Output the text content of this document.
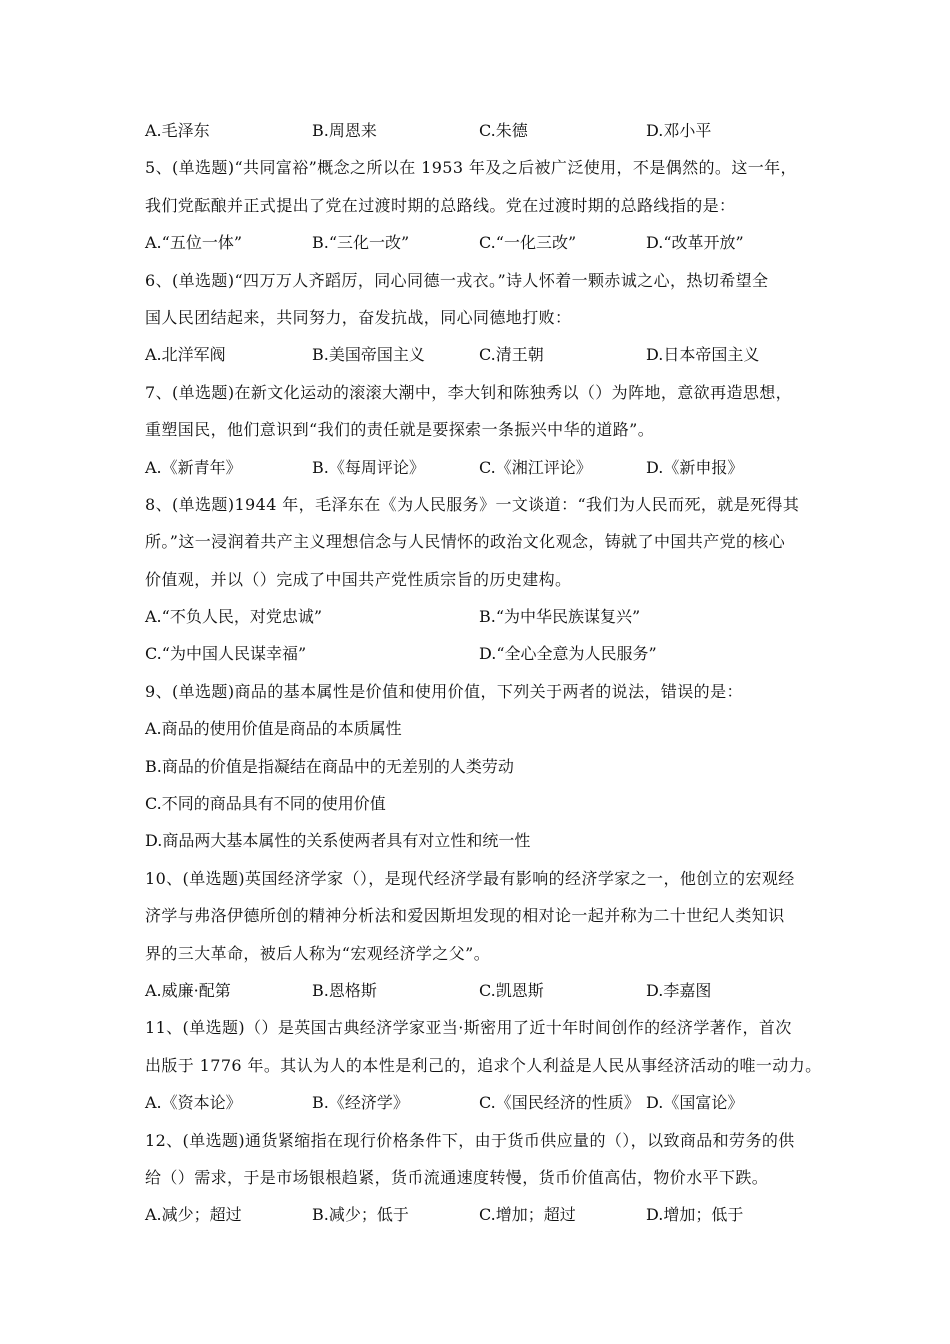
A.毛泽东	B.周恩来	C.朱德	D.邓小平
5、(单选题)“共同富裕”概念之所以在 1953 年及之后被广泛使用，不是偶然的。这一年，
我们党酝酿并正式提出了党在过渡时期的总路线。党在过渡时期的总路线指的是：
A.“五位一体”	B.“三化一改”	C.“一化三改”	D.“改革开放”
6、(单选题)“四万万人齐蹈厉，同心同德一戎衣。”诗人怀着一颗赤诚之心，热切希望全
国人民团结起来，共同努力，奋发抗战，同心同德地打败：
A.北洋军阀	B.美国帝国主义	C.清王朝	D.日本帝国主义
7、(单选题)在新文化运动的滚滚大潮中，李大钊和陈独秀以（）为阵地，意欲再造思想，
重塑国民，他们意识到“我们的责任就是要探索一条振兴中华的道路”。
A.《新青年》	B.《每周评论》	C.《湘江评论》	D.《新申报》
8、(单选题)1944 年，毛泽东在《为人民服务》一文谈道：“我们为人民而死，就是死得其
所。”这一浸润着共产主义理想信念与人民情怀的政治文化观念，铸就了中国共产党的核心
价值观，并以（）完成了中国共产党性质宗旨的历史建构。
A.“不负人民，对党忠诚”	B.“为中华民族谋复兴”
C.“为中国人民谋幸福”	D.“全心全意为人民服务”
9、(单选题)商品的基本属性是价值和使用价值，下列关于两者的说法，错误的是：
A.商品的使用价值是商品的本质属性
B.商品的价值是指凝结在商品中的无差别的人类劳动
C.不同的商品具有不同的使用价值
D.商品两大基本属性的关系使两者具有对立性和统一性
10、(单选题)英国经济学家（），是现代经济学最有影响的经济学家之一，他创立的宏观经
济学与弗洛伊德所创的精神分析法和爱因斯坦发现的相对论一起并称为二十世纪人类知识
界的三大革命，被后人称为“宏观经济学之父”。
A.威廉·配第	B.恩格斯	C.凯恩斯	D.李嘉图
11、(单选题)（）是英国古典经济学家亚当·斯密用了近十年时间创作的经济学著作，首次
出版于 1776 年。其认为人的本性是利己的，追求个人利益是人民从事经济活动的唯一动力。
A.《资本论》	B.《经济学》	C.《国民经济的性质》 D.《国富论》
12、(单选题)通货紧缩指在现行价格条件下，由于货币供应量的（），以致商品和劳务的供
给（）需求，于是市场银根趋紧，货币流通速度转慢，货币价值高估，物价水平下跌。
A.减少；超过	B.减少；低于	C.增加；超过	D.增加；低于
